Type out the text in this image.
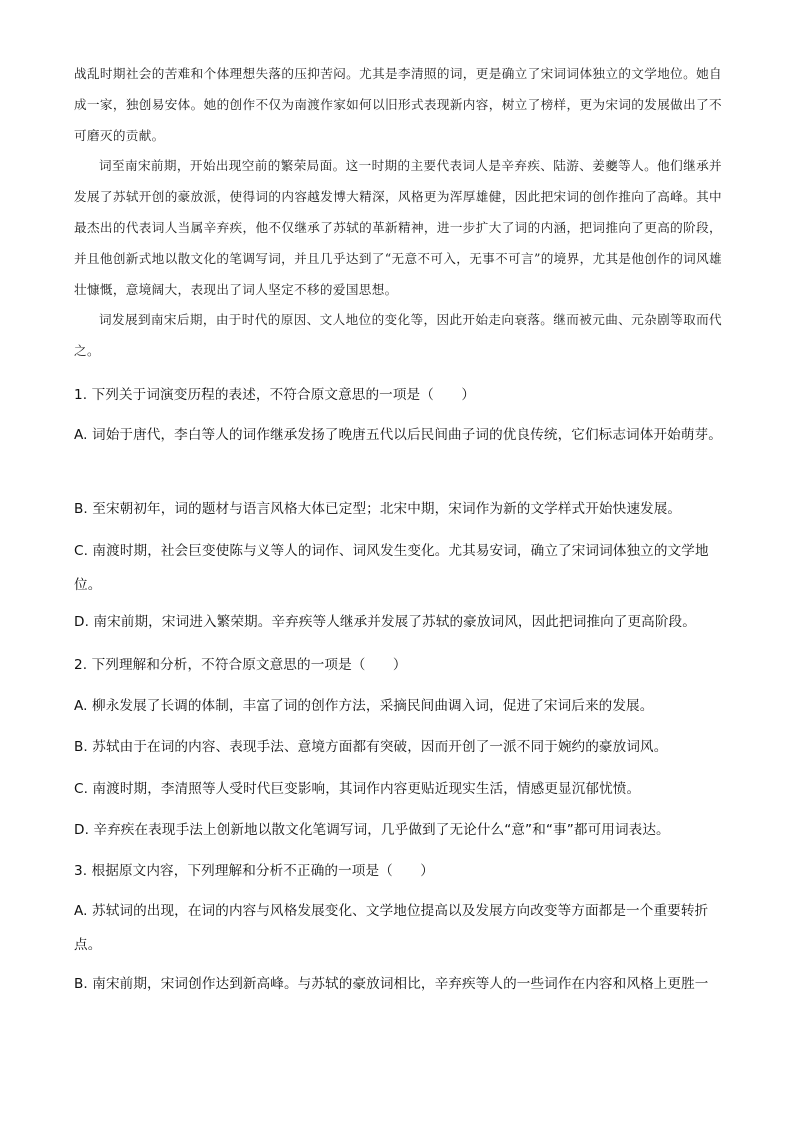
战乱时期社会的苦难和个体理想失落的压抑苦闷。尤其是李清照的词，更是确立了宋词词体独立的文学地位。她自成一家，独创易安体。她的创作不仅为南渡作家如何以旧形式表现新内容，树立了榜样，更为宋词的发展做出了不可磨灭的贡献。

词至南宋前期，开始出现空前的繁荣局面。这一时期的主要代表词人是辛弃疾、陆游、姜夔等人。他们继承并发展了苏轼开创的豪放派，使得词的内容越发博大精深，风格更为浑厚雄健，因此把宋词的创作推向了高峰。其中最杰出的代表词人当属辛弃疾，他不仅继承了苏轼的革新精神，进一步扩大了词的内涵，把词推向了更高的阶段，并且他创新式地以散文化的笔调写词，并且几乎达到了“无意不可入，无事不可言”的境界，尤其是他创作的词风雄壮慷慨，意境阔大，表现出了词人坚定不移的爱国思想。

词发展到南宋后期，由于时代的原因、文人地位的变化等，因此开始走向衰落。继而被元曲、元杂剧等取而代之。

1. 下列关于词演变历程的表述，不符合原文意思的一项是（　　）
A. 词始于唐代，李白等人的词作继承发扬了晚唐五代以后民间曲子词的优良传统，它们标志词体开始萌芽。
B. 至宋朝初年，词的题材与语言风格大体已定型；北宋中期，宋词作为新的文学样式开始快速发展。
C. 南渡时期，社会巨变使陈与义等人的词作、词风发生变化。尤其易安词，确立了宋词词体独立的文学地位。
D. 南宋前期，宋词进入繁荣期。辛弃疾等人继承并发展了苏轼的豪放词风，因此把词推向了更高阶段。
2. 下列理解和分析，不符合原文意思的一项是（　　）
A. 柳永发展了长调的体制，丰富了词的创作方法，采摘民间曲调入词，促进了宋词后来的发展。
B. 苏轼由于在词的内容、表现手法、意境方面都有突破，因而开创了一派不同于婉约的豪放词风。
C. 南渡时期，李清照等人受时代巨变影响，其词作内容更贴近现实生活，情感更显沉郁忧愤。
D. 辛弃疾在表现手法上创新地以散文化笔调写词，几乎做到了无论什么“意”和“事”都可用词表达。
3. 根据原文内容，下列理解和分析不正确的一项是（　　）
A. 苏轼词的出现，在词的内容与风格发展变化、文学地位提高以及发展方向改变等方面都是一个重要转折点。
B. 南宋前期，宋词创作达到新高峰。与苏轼的豪放词相比，辛弃疾等人的一些词作在内容和风格上更胜一
